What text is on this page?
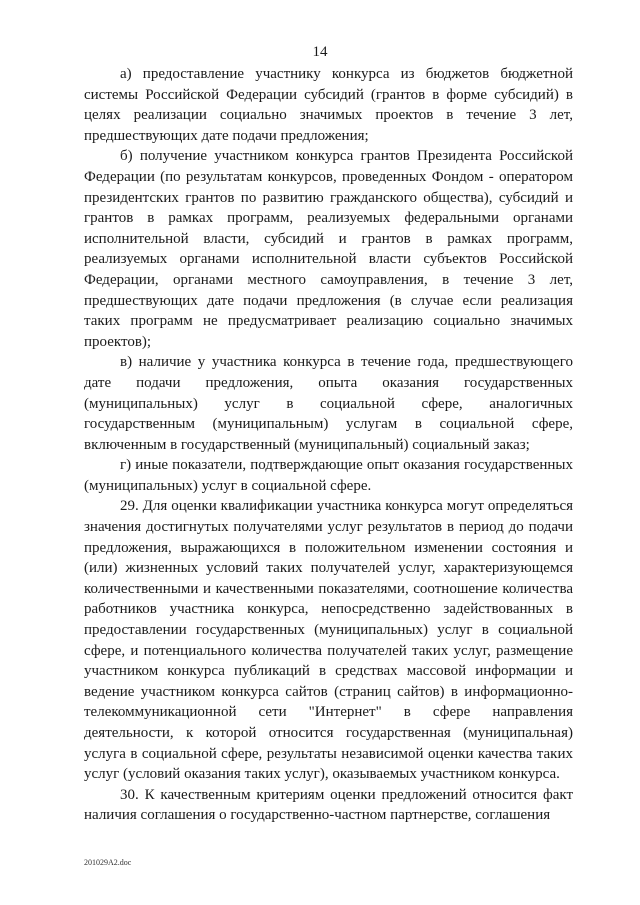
14

а) предоставление участнику конкурса из бюджетов бюджетной системы Российской Федерации субсидий (грантов в форме субсидий) в целях реализации социально значимых проектов в течение 3 лет, предшествующих дате подачи предложения;

б) получение участником конкурса грантов Президента Российской Федерации (по результатам конкурсов, проведенных Фондом - оператором президентских грантов по развитию гражданского общества), субсидий и грантов в рамках программ, реализуемых федеральными органами исполнительной власти, субсидий и грантов в рамках программ, реализуемых органами исполнительной власти субъектов Российской Федерации, органами местного самоуправления, в течение 3 лет, предшествующих дате подачи предложения (в случае если реализация таких программ не предусматривает реализацию социально значимых проектов);

в) наличие у участника конкурса в течение года, предшествующего дате подачи предложения, опыта оказания государственных (муниципальных) услуг в социальной сфере, аналогичных государственным (муниципальным) услугам в социальной сфере, включенным в государственный (муниципальный) социальный заказ;

г) иные показатели, подтверждающие опыт оказания государственных (муниципальных) услуг в социальной сфере.

29. Для оценки квалификации участника конкурса могут определяться значения достигнутых получателями услуг результатов в период до подачи предложения, выражающихся в положительном изменении состояния и (или) жизненных условий таких получателей услуг, характеризующемся количественными и качественными показателями, соотношение количества работников участника конкурса, непосредственно задействованных в предоставлении государственных (муниципальных) услуг в социальной сфере, и потенциального количества получателей таких услуг, размещение участником конкурса публикаций в средствах массовой информации и ведение участником конкурса сайтов (страниц сайтов) в информационно-телекоммуникационной сети "Интернет" в сфере направления деятельности, к которой относится государственная (муниципальная) услуга в социальной сфере, результаты независимой оценки качества таких услуг (условий оказания таких услуг), оказываемых участником конкурса.

30. К качественным критериям оценки предложений относится факт наличия соглашения о государственно-частном партнерстве, соглашения

201029A2.doc
